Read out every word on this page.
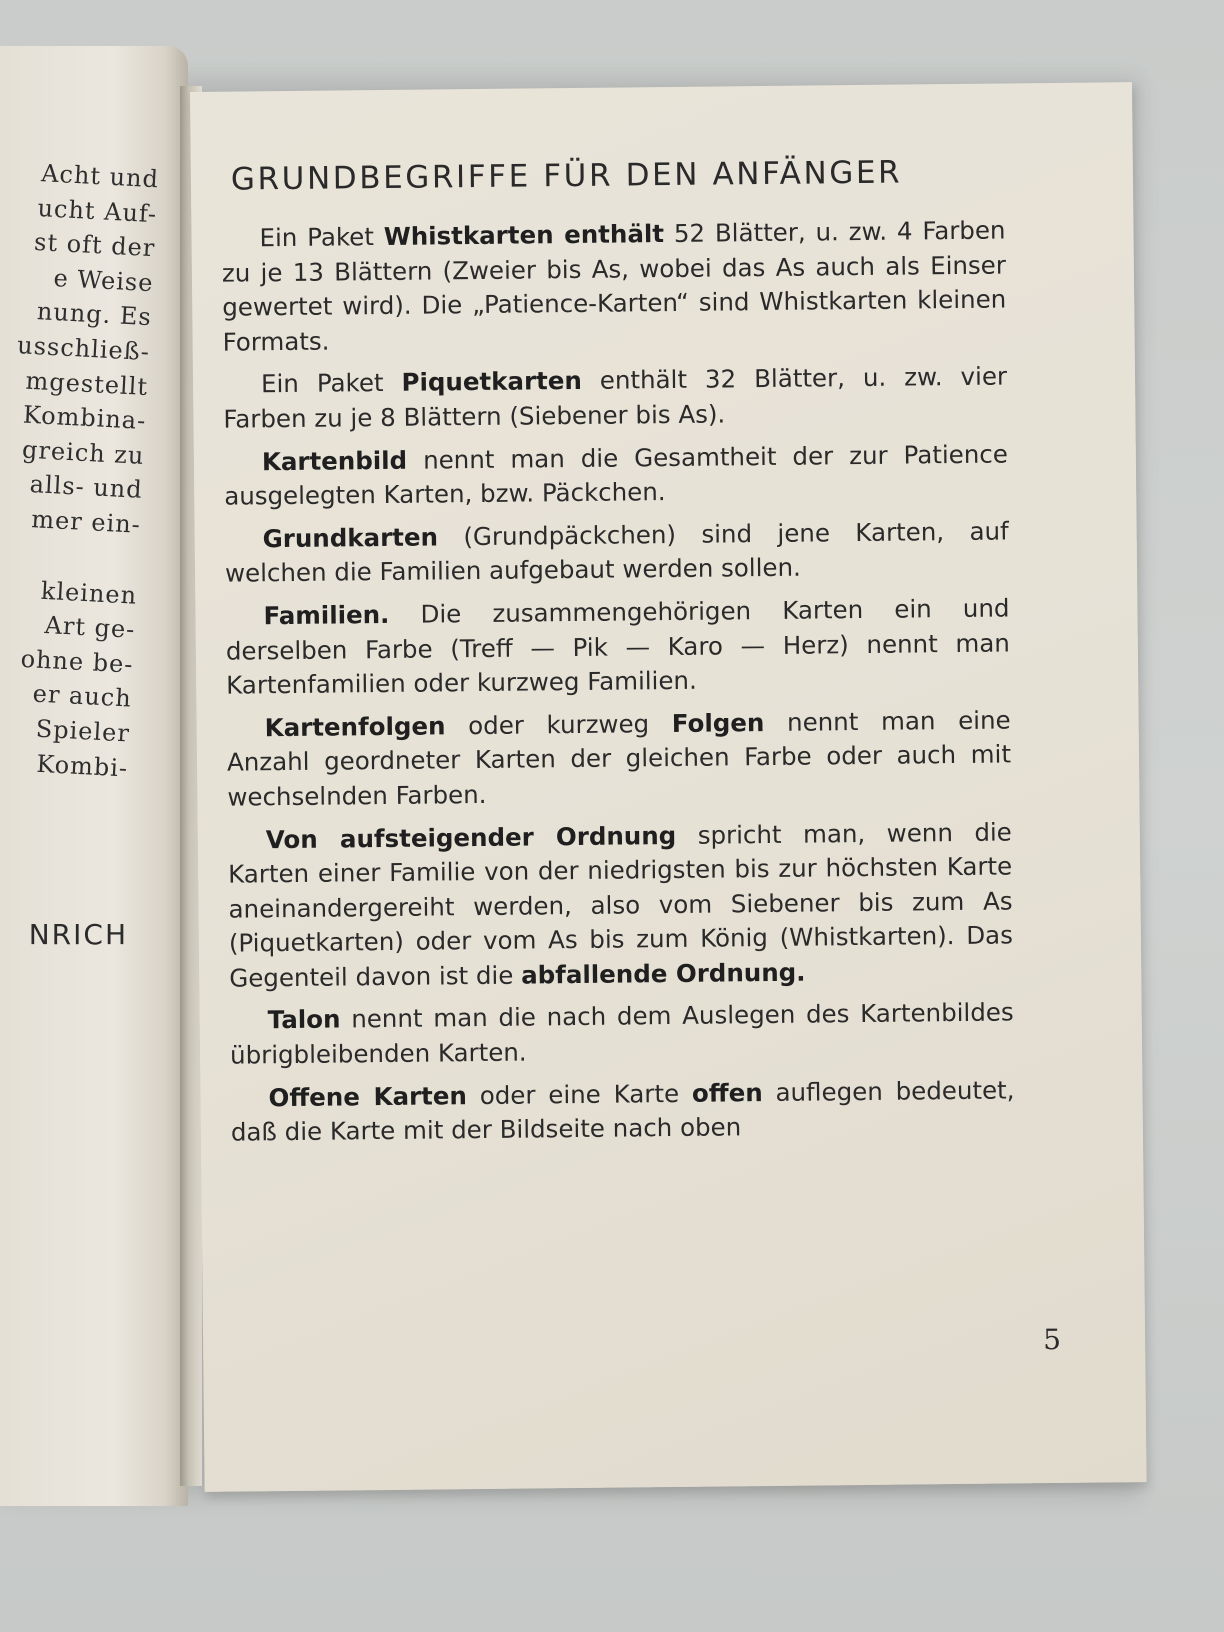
Acht und
ucht Auf-
st oft der
e Weise
nung. Es
usschließ-
mgestellt
Kombina-
greich zu
alls- und
mer ein-
kleinen
Art ge-
ohne be-
er auch
Spieler
Kombi-
NRICH
GRUNDBEGRIFFE FÜR DEN ANFÄNGER

Ein Paket Whistkarten enthält 52 Blätter, u. zw. 4 Farben zu je 13 Blättern (Zweier bis As, wobei das As auch als Einser gewertet wird). Die „Patience-Karten“ sind Whistkarten kleinen Formats.

Ein Paket Piquetkarten enthält 32 Blätter, u. zw. vier Farben zu je 8 Blättern (Siebener bis As).

Kartenbild nennt man die Gesamtheit der zur Patience ausgelegten Karten, bzw. Päckchen.

Grundkarten (Grundpäckchen) sind jene Karten, auf welchen die Familien aufgebaut werden sollen.

Familien. Die zusammengehörigen Karten ein und derselben Farbe (Treff — Pik — Karo — Herz) nennt man Kartenfamilien oder kurzweg Familien.

Kartenfolgen oder kurzweg Folgen nennt man eine Anzahl geordneter Karten der gleichen Farbe oder auch mit wechselnden Farben.

Von aufsteigender Ordnung spricht man, wenn die Karten einer Familie von der niedrigsten bis zur höchsten Karte aneinandergereiht werden, also vom Siebener bis zum As (Piquetkarten) oder vom As bis zum König (Whistkarten). Das Gegenteil davon ist die abfallende Ordnung.

Talon nennt man die nach dem Auslegen des Kartenbildes übrigbleibenden Karten.

Offene Karten oder eine Karte offen auflegen bedeutet, daß die Karte mit der Bildseite nach oben

5
